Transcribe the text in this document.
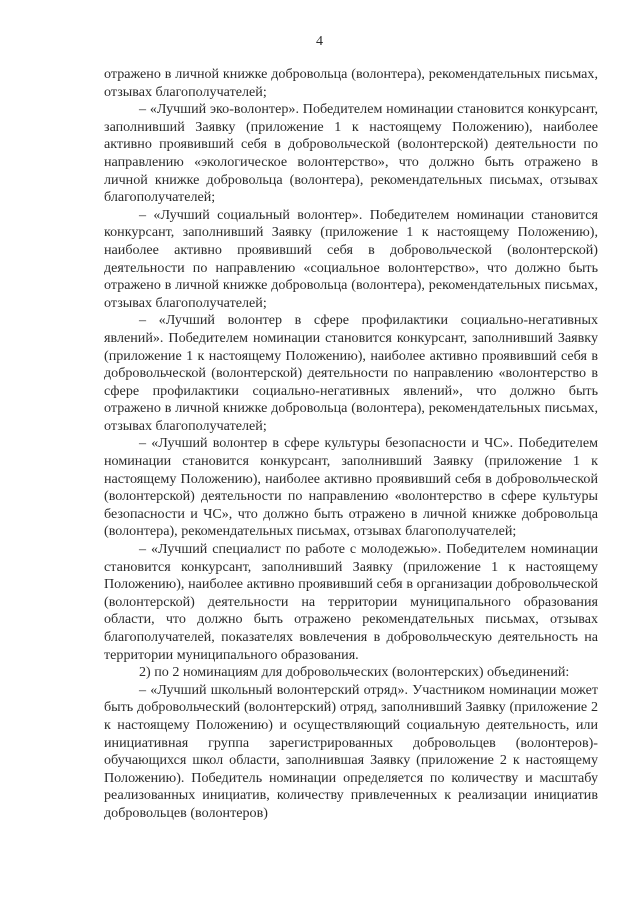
4

отражено в личной книжке добровольца (волонтера), рекомендательных письмах, отзывах благополучателей;

– «Лучший эко-волонтер». Победителем номинации становится конкурсант, заполнивший Заявку (приложение 1 к настоящему Положению), наиболее активно проявивший себя в добровольческой (волонтерской) деятельности по направлению «экологическое волонтерство», что должно быть отражено в личной книжке добровольца (волонтера), рекомендательных письмах, отзывах благополучателей;

– «Лучший социальный волонтер». Победителем номинации становится конкурсант, заполнивший Заявку (приложение 1 к настоящему Положению), наиболее активно проявивший себя в добровольческой (волонтерской) деятельности по направлению «социальное волонтерство», что должно быть отражено в личной книжке добровольца (волонтера), рекомендательных письмах, отзывах благополучателей;

– «Лучший волонтер в сфере профилактики социально-негативных явлений». Победителем номинации становится конкурсант, заполнивший Заявку (приложение 1 к настоящему Положению), наиболее активно проявивший себя в добровольческой (волонтерской) деятельности по направлению «волонтерство в сфере профилактики социально-негативных явлений», что должно быть отражено в личной книжке добровольца (волонтера), рекомендательных письмах, отзывах благополучателей;

– «Лучший волонтер в сфере культуры безопасности и ЧС». Победителем номинации становится конкурсант, заполнивший Заявку (приложение 1 к настоящему Положению), наиболее активно проявивший себя в добровольческой (волонтерской) деятельности по направлению «волонтерство в сфере культуры безопасности и ЧС», что должно быть отражено в личной книжке добровольца (волонтера), рекомендательных письмах, отзывах благополучателей;

– «Лучший специалист по работе с молодежью». Победителем номинации становится конкурсант, заполнивший Заявку (приложение 1 к настоящему Положению), наиболее активно проявивший себя в организации добровольческой (волонтерской) деятельности на территории муниципального образования области, что должно быть отражено рекомендательных письмах, отзывах благополучателей, показателях вовлечения в добровольческую деятельность на территории муниципального образования.

2) по 2 номинациям для добровольческих (волонтерских) объединений:

– «Лучший школьный волонтерский отряд». Участником номинации может быть добровольческий (волонтерский) отряд, заполнивший Заявку (приложение 2 к настоящему Положению) и осуществляющий социальную деятельность, или инициативная группа зарегистрированных добровольцев (волонтеров)-обучающихся школ области, заполнившая Заявку (приложение 2 к настоящему Положению). Победитель номинации определяется по количеству и масштабу реализованных инициатив, количеству привлеченных к реализации инициатив добровольцев (волонтеров)
